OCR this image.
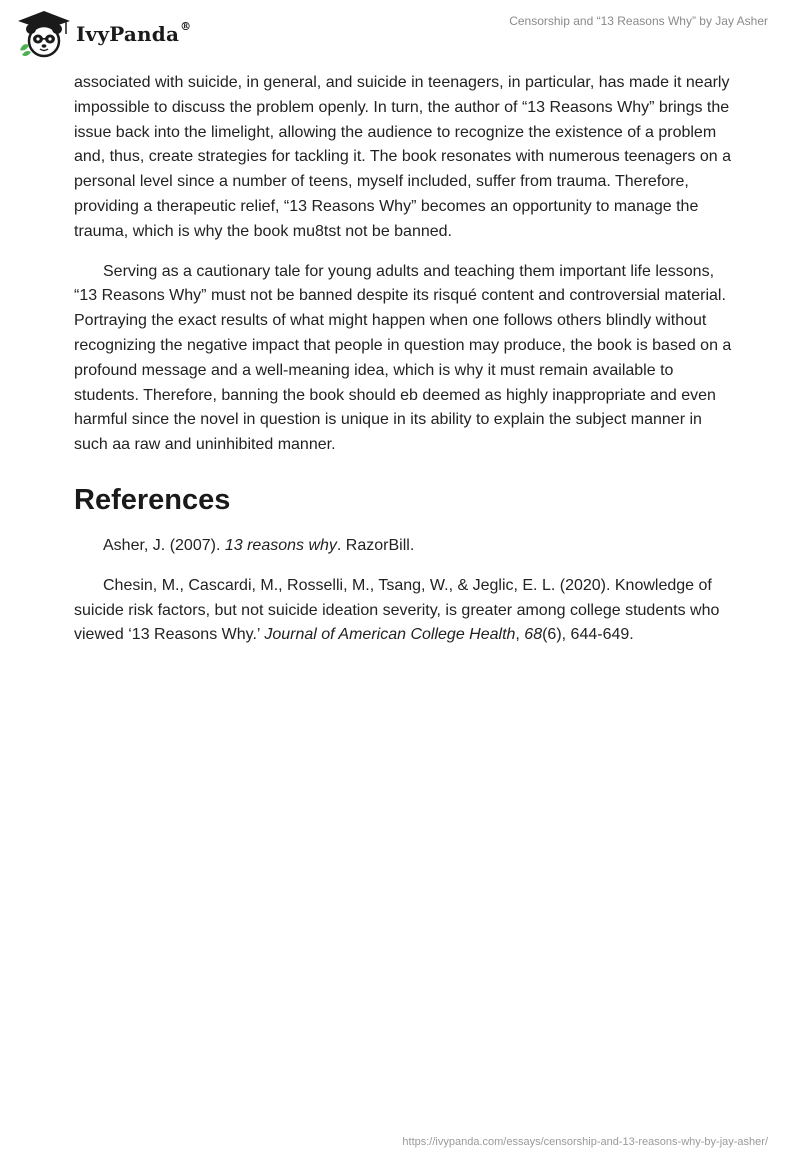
IvyPanda®	Censorship and “13 Reasons Why” by Jay Asher

associated with suicide, in general, and suicide in teenagers, in particular, has made it nearly impossible to discuss the problem openly. In turn, the author of “13 Reasons Why” brings the issue back into the limelight, allowing the audience to recognize the existence of a problem and, thus, create strategies for tackling it. The book resonates with numerous teenagers on a personal level since a number of teens, myself included, suffer from trauma. Therefore, providing a therapeutic relief, “13 Reasons Why” becomes an opportunity to manage the trauma, which is why the book mu8tst not be banned.

Serving as a cautionary tale for young adults and teaching them important life lessons, “13 Reasons Why” must not be banned despite its risqué content and controversial material. Portraying the exact results of what might happen when one follows others blindly without recognizing the negative impact that people in question may produce, the book is based on a profound message and a well-meaning idea, which is why it must remain available to students. Therefore, banning the book should eb deemed as highly inappropriate and even harmful since the novel in question is unique in its ability to explain the subject manner in such aa raw and uninhibited manner.

References

Asher, J. (2007). 13 reasons why. RazorBill.

Chesin, M., Cascardi, M., Rosselli, M., Tsang, W., & Jeglic, E. L. (2020). Knowledge of suicide risk factors, but not suicide ideation severity, is greater among college students who viewed ‘13 Reasons Why.’ Journal of American College Health, 68(6), 644-649.

https://ivypanda.com/essays/censorship-and-13-reasons-why-by-jay-asher/
